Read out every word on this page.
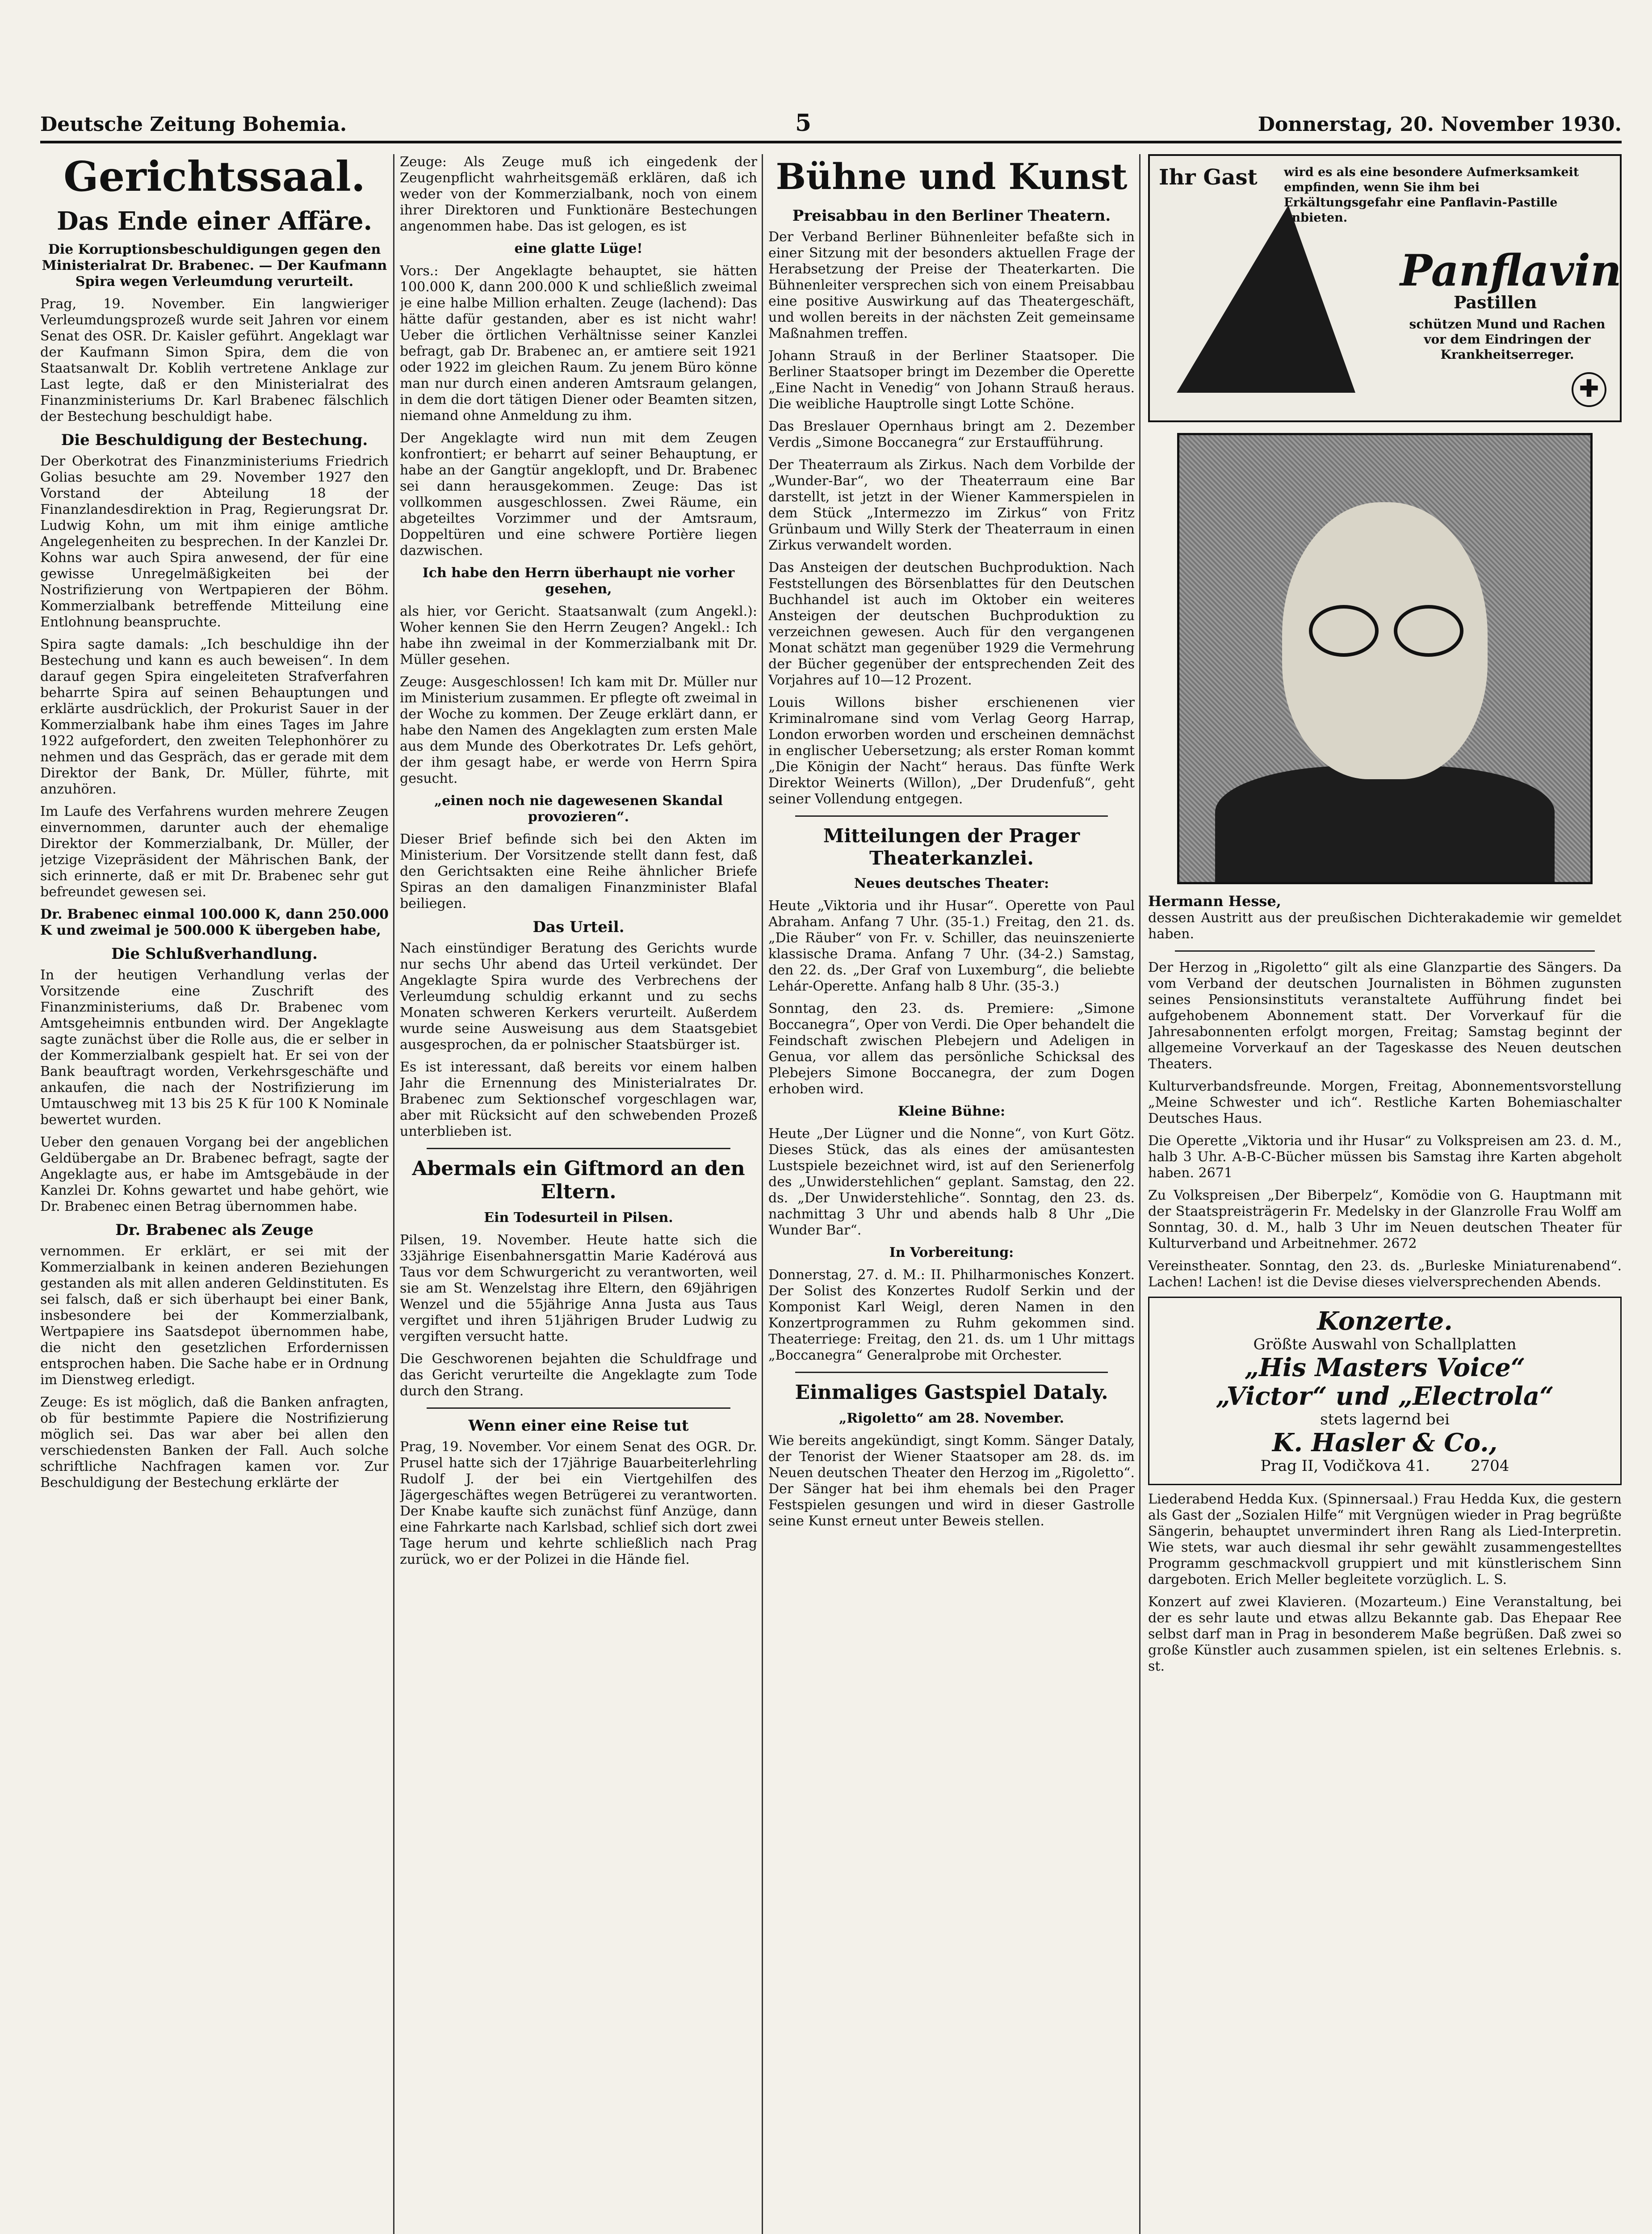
Deutsche Zeitung Bohemia.	5	Donnerstag, 20. November 1930.
Gerichtssaal.
Das Ende einer Affäre.

Die Korruptionsbeschuldigungen gegen den Ministerialrat Dr. Brabenec. — Der Kaufmann Spira wegen Verleumdung verurteilt.

Prag, 19. November. Ein langwieriger Verleumdungsprozeß wurde seit Jahren vor einem Senat des OSR. Dr. Kaisler geführt. Angeklagt war der Kaufmann Simon Spira, dem die von Staatsanwalt Dr. Koblih vertretene Anklage zur Last legte, daß er den Ministerialrat des Finanzministeriums Dr. Karl Brabenec fälschlich der Bestechung beschuldigt habe.

Die Beschuldigung der Bestechung.

Der Oberkotrat des Finanzministeriums Friedrich Golias besuchte am 29. November 1927 den Vorstand der Abteilung 18 der Finanzlandesdirektion in Prag, Regierungsrat Dr. Ludwig Kohn, um mit ihm einige amtliche Angelegenheiten zu besprechen. In der Kanzlei Dr. Kohns war auch Spira anwesend, der für eine gewisse Unregelmäßigkeiten bei der Nostrifizierung von Wertpapieren der Böhm. Kommerzialbank betreffende Mitteilung eine Entlohnung beanspruchte.

Spira sagte damals: „Ich beschuldige ihn der Bestechung und kann es auch beweisen“. In dem darauf gegen Spira eingeleiteten Strafverfahren beharrte Spira auf seinen Behauptungen und erklärte ausdrücklich, der Prokurist Sauer in der Kommerzialbank habe ihm eines Tages im Jahre 1922 aufgefordert, den zweiten Telephonhörer zu nehmen und das Gespräch, das er gerade mit dem Direktor der Bank, Dr. Müller, führte, mit anzuhören.

Im Laufe des Verfahrens wurden mehrere Zeugen einvernommen, darunter auch der ehemalige Direktor der Kommerzialbank, Dr. Müller, der jetzige Vizepräsident der Mährischen Bank, der sich erinnerte, daß er mit Dr. Brabenec sehr gut befreundet gewesen sei.

Dr. Brabenec einmal 100.000 K, dann 250.000 K und zweimal je 500.000 K übergeben habe,

Die Schlußverhandlung.

In der heutigen Verhandlung verlas der Vorsitzende eine Zuschrift des Finanzministeriums, daß Dr. Brabenec vom Amtsgeheimnis entbunden wird. Der Angeklagte sagte zunächst über die Rolle aus, die er selber in der Kommerzialbank gespielt hat. Er sei von der Bank beauftragt worden, Verkehrsgeschäfte und ankaufen, die nach der Nostrifizierung im Umtauschweg mit 13 bis 25 K für 100 K Nominale bewertet wurden.

Ueber den genauen Vorgang bei der angeblichen Geldübergabe an Dr. Brabenec befragt, sagte der Angeklagte aus, er habe im Amtsgebäude in der Kanzlei Dr. Kohns gewartet und habe gehört, wie Dr. Brabenec einen Betrag übernommen habe.

Dr. Brabenec als Zeuge

vernommen. Er erklärt, er sei mit der Kommerzialbank in keinen anderen Beziehungen gestanden als mit allen anderen Geldinstituten. Es sei falsch, daß er sich überhaupt bei einer Bank, insbesondere bei der Kommerzialbank, Wertpapiere ins Saatsdepot übernommen habe, die nicht den gesetzlichen Erfordernissen entsprochen haben. Die Sache habe er in Ordnung im Dienstweg erledigt.

Zeuge: Es ist möglich, daß die Banken anfragten, ob für bestimmte Papiere die Nostrifizierung möglich sei. Das war aber bei allen den verschiedensten Banken der Fall. Auch solche schriftliche Nachfragen kamen vor. Zur Beschuldigung der Bestechung erklärte der

Zeuge: Als Zeuge muß ich eingedenk der Zeugenpflicht wahrheitsgemäß erklären, daß ich weder von der Kommerzialbank, noch von einem ihrer Direktoren und Funktionäre Bestechungen angenommen habe. Das ist gelogen, es ist

eine glatte Lüge!

Vors.: Der Angeklagte behauptet, sie hätten 100.000 K, dann 200.000 K und schließlich zweimal je eine halbe Million erhalten. Zeuge (lachend): Das hätte dafür gestanden, aber es ist nicht wahr! Ueber die örtlichen Verhältnisse seiner Kanzlei befragt, gab Dr. Brabenec an, er amtiere seit 1921 oder 1922 im gleichen Raum. Zu jenem Büro könne man nur durch einen anderen Amtsraum gelangen, in dem die dort tätigen Diener oder Beamten sitzen, niemand ohne Anmeldung zu ihm.

Der Angeklagte wird nun mit dem Zeugen konfrontiert; er beharrt auf seiner Behauptung, er habe an der Gangtür angeklopft, und Dr. Brabenec sei dann herausgekommen. Zeuge: Das ist vollkommen ausgeschlossen. Zwei Räume, ein abgeteiltes Vorzimmer und der Amtsraum, Doppeltüren und eine schwere Portière liegen dazwischen.

Ich habe den Herrn überhaupt nie vorher gesehen,

als hier, vor Gericht. Staatsanwalt (zum Angekl.): Woher kennen Sie den Herrn Zeugen? Angekl.: Ich habe ihn zweimal in der Kommerzialbank mit Dr. Müller gesehen.

Zeuge: Ausgeschlossen! Ich kam mit Dr. Müller nur im Ministerium zusammen. Er pflegte oft zweimal in der Woche zu kommen. Der Zeuge erklärt dann, er habe den Namen des Angeklagten zum ersten Male aus dem Munde des Oberkotrates Dr. Lefs gehört, der ihm gesagt habe, er werde von Herrn Spira gesucht.

„einen noch nie dagewesenen Skandal provozieren“.

Dieser Brief befinde sich bei den Akten im Ministerium. Der Vorsitzende stellt dann fest, daß den Gerichtsakten eine Reihe ähnlicher Briefe Spiras an den damaligen Finanzminister Blafal beiliegen.

Das Urteil.

Nach einstündiger Beratung des Gerichts wurde nur sechs Uhr abend das Urteil verkündet. Der Angeklagte Spira wurde des Verbrechens der Verleumdung schuldig erkannt und zu sechs Monaten schweren Kerkers verurteilt. Außerdem wurde seine Ausweisung aus dem Staatsgebiet ausgesprochen, da er polnischer Staatsbürger ist.

Es ist interessant, daß bereits vor einem halben Jahr die Ernennung des Ministerialrates Dr. Brabenec zum Sektionschef vorgeschlagen war, aber mit Rücksicht auf den schwebenden Prozeß unterblieben ist.

Abermals ein Giftmord an den Eltern.

Ein Todesurteil in Pilsen.

Pilsen, 19. November. Heute hatte sich die 33jährige Eisenbahnersgattin Marie Kadérová aus Taus vor dem Schwurgericht zu verantworten, weil sie am St. Wenzelstag ihre Eltern, den 69jährigen Wenzel und die 55jährige Anna Justa aus Taus vergiftet und ihren 51jährigen Bruder Ludwig zu vergiften versucht hatte.

Die Geschworenen bejahten die Schuldfrage und das Gericht verurteilte die Angeklagte zum Tode durch den Strang.

Wenn einer eine Reise tut

Prag, 19. November. Vor einem Senat des OGR. Dr. Prusel hatte sich der 17jährige Bauarbeiterlehrling Rudolf J. der bei ein Viertgehilfen des Jägergeschäftes wegen Betrügerei zu verantworten. Der Knabe kaufte sich zunächst fünf Anzüge, dann eine Fahrkarte nach Karlsbad, schlief sich dort zwei Tage herum und kehrte schließlich nach Prag zurück, wo er der Polizei in die Hände fiel.

Bühne und Kunst
Preisabbau in den Berliner Theatern.

Der Verband Berliner Bühnenleiter befaßte sich in einer Sitzung mit der besonders aktuellen Frage der Herabsetzung der Preise der Theaterkarten. Die Bühnenleiter versprechen sich von einem Preisabbau eine positive Auswirkung auf das Theatergeschäft, und wollen bereits in der nächsten Zeit gemeinsame Maßnahmen treffen.

Johann Strauß in der Berliner Staatsoper. Die Berliner Staatsoper bringt im Dezember die Operette „Eine Nacht in Venedig“ von Johann Strauß heraus. Die weibliche Hauptrolle singt Lotte Schöne.

Das Breslauer Opernhaus bringt am 2. Dezember Verdis „Simone Boccanegra“ zur Erstaufführung.

Der Theaterraum als Zirkus. Nach dem Vorbilde der „Wunder-Bar“, wo der Theaterraum eine Bar darstellt, ist jetzt in der Wiener Kammerspielen in dem Stück „Intermezzo im Zirkus“ von Fritz Grünbaum und Willy Sterk der Theaterraum in einen Zirkus verwandelt worden.

Das Ansteigen der deutschen Buchproduktion. Nach Feststellungen des Börsenblattes für den Deutschen Buchhandel ist auch im Oktober ein weiteres Ansteigen der deutschen Buchproduktion zu verzeichnen gewesen. Auch für den vergangenen Monat schätzt man gegenüber 1929 die Vermehrung der Bücher gegenüber der entsprechenden Zeit des Vorjahres auf 10—12 Prozent.

Louis Willons bisher erschienenen vier Kriminalromane sind vom Verlag Georg Harrap, London erworben worden und erscheinen demnächst in englischer Uebersetzung; als erster Roman kommt „Die Königin der Nacht“ heraus. Das fünfte Werk Direktor Weinerts (Willon), „Der Drudenfuß“, geht seiner Vollendung entgegen.

Mitteilungen der Prager Theaterkanzlei.

Neues deutsches Theater:

Heute „Viktoria und ihr Husar“. Operette von Paul Abraham. Anfang 7 Uhr. (35-1.) Freitag, den 21. ds. „Die Räuber“ von Fr. v. Schiller, das neuinszenierte klassische Drama. Anfang 7 Uhr. (34-2.) Samstag, den 22. ds. „Der Graf von Luxemburg“, die beliebte Lehár-Operette. Anfang halb 8 Uhr. (35-3.)

Sonntag, den 23. ds. Premiere: „Simone Boccanegra“, Oper von Verdi. Die Oper behandelt die Feindschaft zwischen Plebejern und Adeligen in Genua, vor allem das persönliche Schicksal des Plebejers Simone Boccanegra, der zum Dogen erhoben wird.

Kleine Bühne:

Heute „Der Lügner und die Nonne“, von Kurt Götz. Dieses Stück, das als eines der amüsantesten Lustspiele bezeichnet wird, ist auf den Serienerfolg des „Unwiderstehlichen“ geplant. Samstag, den 22. ds. „Der Unwiderstehliche“. Sonntag, den 23. ds. nachmittag 3 Uhr und abends halb 8 Uhr „Die Wunder Bar“.

In Vorbereitung:

Donnerstag, 27. d. M.: II. Philharmonisches Konzert. Der Solist des Konzertes Rudolf Serkin und der Komponist Karl Weigl, deren Namen in den Konzertprogrammen zu Ruhm gekommen sind. Theaterriege: Freitag, den 21. ds. um 1 Uhr mittags „Boccanegra“ Generalprobe mit Orchester.

Einmaliges Gastspiel Dataly.

„Rigoletto“ am 28. November.

Wie bereits angekündigt, singt Komm. Sänger Dataly, der Tenorist der Wiener Staatsoper am 28. ds. im Neuen deutschen Theater den Herzog im „Rigoletto“. Der Sänger hat bei ihm ehemals bei den Prager Festspielen gesungen und wird in dieser Gastrolle seine Kunst erneut unter Beweis stellen.

Ihr Gast wird es als eine besondere Aufmerksamkeit empfinden, wenn Sie ihm bei Erkältungsgefahr eine Panflavin-Pastille anbieten.
Panflavin
Pastillen
schützen Mund und Rachen vor dem Eindringen der Krankheitserreger.
✚

Hermann Hesse,
dessen Austritt aus der preußischen Dichterakademie wir gemeldet haben.

Der Herzog in „Rigoletto“ gilt als eine Glanzpartie des Sängers. Da vom Verband der deutschen Journalisten in Böhmen zugunsten seines Pensionsinstituts veranstaltete Aufführung findet bei aufgehobenem Abonnement statt. Der Vorverkauf für die Jahresabonnenten erfolgt morgen, Freitag; Samstag beginnt der allgemeine Vorverkauf an der Tageskasse des Neuen deutschen Theaters.

Kulturverbandsfreunde. Morgen, Freitag, Abonnementsvorstellung „Meine Schwester und ich“. Restliche Karten Bohemiaschalter Deutsches Haus.

Die Operette „Viktoria und ihr Husar“ zu Volkspreisen am 23. d. M., halb 3 Uhr. A-B-C-Bücher müssen bis Samstag ihre Karten abgeholt haben. 2671

Zu Volkspreisen „Der Biberpelz“, Komödie von G. Hauptmann mit der Staatspreisträgerin Fr. Medelsky in der Glanzrolle Frau Wolff am Sonntag, 30. d. M., halb 3 Uhr im Neuen deutschen Theater für Kulturverband und Arbeitnehmer. 2672

Vereinstheater. Sonntag, den 23. ds. „Burleske Miniaturenabend“. Lachen! Lachen! ist die Devise dieses vielversprechenden Abends.

Konzerte.
Größte Auswahl von Schallplatten
„His Masters Voice“
„Victor“ und „Electrola“
stets lagernd bei
K. Hasler & Co.,
Prag II, Vodičkova 41.	2704

Liederabend Hedda Kux. (Spinnersaal.) Frau Hedda Kux, die gestern als Gast der „Sozialen Hilfe“ mit Vergnügen wieder in Prag begrüßte Sängerin, behauptet unvermindert ihren Rang als Lied-Interpretin. Wie stets, war auch diesmal ihr sehr gewählt zusammengestelltes Programm geschmackvoll gruppiert und mit künstlerischem Sinn dargeboten. Erich Meller begleitete vorzüglich. L. S.

Konzert auf zwei Klavieren. (Mozarteum.) Eine Veranstaltung, bei der es sehr laute und etwas allzu Bekannte gab. Das Ehepaar Ree selbst darf man in Prag in besonderem Maße begrüßen. Daß zwei so große Künstler auch zusammen spielen, ist ein seltenes Erlebnis. s. st.
